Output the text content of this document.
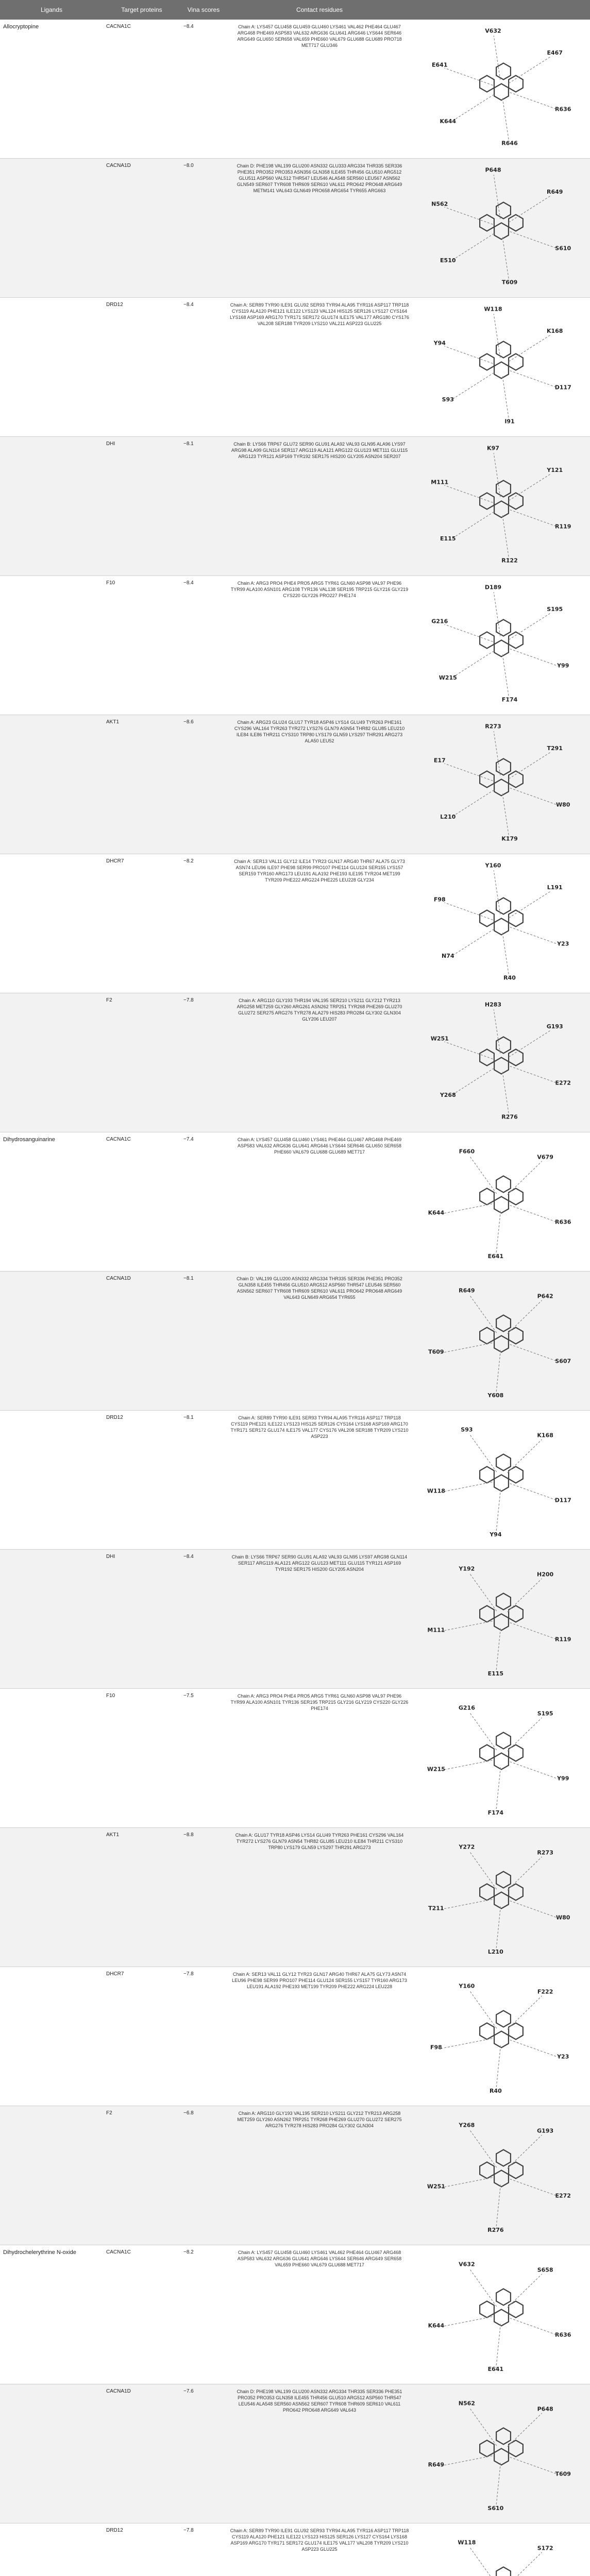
Ligands	Target proteins	Vina scores	Contact residues
Allocryptopine	CACNA1C	−8.4	Chain A: LYS457 GLU458 GLU459 GLU460 LYS461 VAL462 PHE464 GLU467 ARG468 PHE469 ASP583 VAL632 ARG636 GLU641 ARG646 LYS644 SER646 ARG649 GLU650 SER658 VAL659 PHE660 VAL679 GLU688 GLU689 PRO718 MET717 GLU346
R636
R646
K644
E641
V632
E467
CACNA1D	−8.0	Chain D: PHE198 VAL199 GLU200 ASN332 GLU333 ARG334 THR335 SER336 PHE351 PRO352 PRO353 ASN356 GLN358 ILE455 THR456 GLU510 ARG512 GLU511 ASP560 VAL512 THR547 LEU546 ALA548 SER560 LEU567 ASN562 GLN549 SER607 TYR608 THR609 SER610 VAL611 PRO642 PRO648 ARG649 METM141 VAL643 GLN649 PRO658 ARG654 TYR655 ARG663
S610
T609
E510
N562
P648
R649
DRD12	−8.4	Chain A: SER89 TYR90 ILE91 GLU92 SER93 TYR94 ALA95 TYR116 ASP117 TRP118 CYS119 ALA120 PHE121 ILE122 LYS123 VAL124 HIS125 SER126 LYS127 CYS164 LYS168 ASP169 ARG170 TYR171 SER172 GLU174 ILE175 VAL177 ARG180 CYS176 VAL208 SER188 TYR209 LYS210 VAL211 ASP223 GLU225
D117
I91
S93
Y94
W118
K168
DHI	−8.1	Chain B: LYS66 TRP67 GLU72 SER90 GLU91 ALA92 VAL93 GLN95 ALA96 LYS97 ARG98 ALA99 GLN114 SER117 ARG119 ALA121 ARG122 GLU123 MET111 GLU115 ARG123 TYR121 ASP169 TYR192 SER175 HIS200 GLY205 ASN204 SER207
R119
R122
E115
M111
K97
Y121
F10	−8.4	Chain A: ARG3 PRO4 PHE4 PRO5 ARG5 TYR61 GLN60 ASP98 VAL97 PHE96 TYR99 ALA100 ASN101 ARG108 TYR136 VAL138 SER195 TRP215 GLY216 GLY219 CYS220 GLY226 PRO227 PHE174
Y99
F174
W215
G216
D189
S195
AKT1	−8.6	Chain A: ARG23 GLU24 GLU17 TYR18 ASP46 LYS14 GLU49 TYR263 PHE161 CYS296 VAL164 TYR263 TYR272 LYS276 GLN79 ASN54 THR82 GLU85 LEU210 ILE84 ILE86 THR211 CYS310 TRP80 LYS179 GLN59 LYS297 THR291 ARG273 ALA50 LEU52
W80
K179
L210
E17
R273
T291
DHCR7	−8.2	Chain A: SER13 VAL11 GLY12 ILE14 TYR23 GLN17 ARG40 THR67 ALA75 GLY73 ASN74 LEU96 ILE97 PHE98 SER99 PRO107 PHE114 GLU124 SER155 LYS157 SER159 TYR160 ARG173 LEU191 ALA192 PHE193 ILE195 TYR204 MET199 TYR209 PHE222 ARG224 PHE225 LEU228 GLY234
Y23
R40
N74
F98
Y160
L191
F2	−7.8	Chain A: ARG110 GLY193 THR194 VAL195 SER210 LYS211 GLY212 TYR213 ARG258 MET259 GLY260 ARG261 ASN262 TRP251 TYR268 PHE269 GLU270 GLU272 SER275 ARG276 TYR278 ALA279 HIS283 PRO284 GLY302 GLN304 GLY206 LEU207
E272
R276
Y268
W251
H283
G193
Dihydrosanguinarine	CACNA1C	−7.4	Chain A: LYS457 GLU458 GLU460 LYS461 PHE464 GLU467 ARG468 PHE469 ASP583 VAL632 ARG636 GLU641 ARG646 LYS644 SER646 GLU650 SER658 PHE660 VAL679 GLU688 GLU689 MET717
R636
E641
K644
F660
V679
CACNA1D	−8.1	Chain D: VAL199 GLU200 ASN332 ARG334 THR335 SER336 PHE351 PRO352 GLN358 ILE455 THR456 GLU510 ARG512 ASP560 THR547 LEU546 SER560 ASN562 SER607 TYR608 THR609 SER610 VAL611 PRO642 PRO648 ARG649 VAL643 GLN649 ARG654 TYR655
S607
Y608
T609
R649
P642
DRD12	−8.1	Chain A: SER89 TYR90 ILE91 SER93 TYR94 ALA95 TYR116 ASP117 TRP118 CYS119 PHE121 ILE122 LYS123 HIS125 SER126 CYS164 LYS168 ASP169 ARG170 TYR171 SER172 GLU174 ILE175 VAL177 CYS176 VAL208 SER188 TYR209 LYS210 ASP223
D117
Y94
W118
S93
K168
DHI	−8.4	Chain B: LYS66 TRP67 SER90 GLU91 ALA92 VAL93 GLN95 LYS97 ARG98 GLN114 SER117 ARG119 ALA121 ARG122 GLU123 MET111 GLU115 TYR121 ASP169 TYR192 SER175 HIS200 GLY205 ASN204
R119
E115
M111
Y192
H200
F10	−7.5	Chain A: ARG3 PRO4 PHE4 PRO5 ARG5 TYR61 GLN60 ASP98 VAL97 PHE96 TYR99 ALA100 ASN101 TYR136 SER195 TRP215 GLY216 GLY219 CYS220 GLY226 PHE174
Y99
F174
W215
G216
S195
AKT1	−8.8	Chain A: GLU17 TYR18 ASP46 LYS14 GLU49 TYR263 PHE161 CYS296 VAL164 TYR272 LYS276 GLN79 ASN54 THR82 GLU85 LEU210 ILE84 THR211 CYS310 TRP80 LYS179 GLN59 LYS297 THR291 ARG273
W80
L210
T211
Y272
R273
DHCR7	−7.8	Chain A: SER13 VAL11 GLY12 TYR23 GLN17 ARG40 THR67 ALA75 GLY73 ASN74 LEU96 PHE98 SER99 PRO107 PHE114 GLU124 SER155 LYS157 TYR160 ARG173 LEU191 ALA192 PHE193 MET199 TYR209 PHE222 ARG224 LEU228
Y23
R40
F98
Y160
F222
F2	−6.8	Chain A: ARG110 GLY193 VAL195 SER210 LYS211 GLY212 TYR213 ARG258 MET259 GLY260 ASN262 TRP251 TYR268 PHE269 GLU270 GLU272 SER275 ARG276 TYR278 HIS283 PRO284 GLY302 GLN304
E272
R276
W251
Y268
G193
Dihydrochelerythrine N-oxide	CACNA1C	−8.2	Chain A: LYS457 GLU458 GLU460 LYS461 VAL462 PHE464 GLU467 ARG468 ASP583 VAL632 ARG636 GLU641 ARG646 LYS644 SER646 ARG649 SER658 VAL659 PHE660 VAL679 GLU688 MET717
R636
E641
K644
V632
S658
CACNA1D	−7.6	Chain D: PHE198 VAL199 GLU200 ASN332 ARG334 THR335 SER336 PHE351 PRO352 PRO353 GLN358 ILE455 THR456 GLU510 ARG512 ASP560 THR547 LEU546 ALA548 SER560 ASN562 SER607 TYR608 THR609 SER610 VAL611 PRO642 PRO648 ARG649 VAL643
T609
S610
R649
N562
P648
DRD12	−7.8	Chain A: SER89 TYR90 ILE91 GLU92 SER93 TYR94 ALA95 TYR116 ASP117 TRP118 CYS119 ALA120 PHE121 ILE122 LYS123 HIS125 SER126 LYS127 CYS164 LYS168 ASP169 ARG170 TYR171 SER172 GLU174 ILE175 VAL177 VAL208 TYR209 LYS210 ASP223 GLU225
W118
S172
